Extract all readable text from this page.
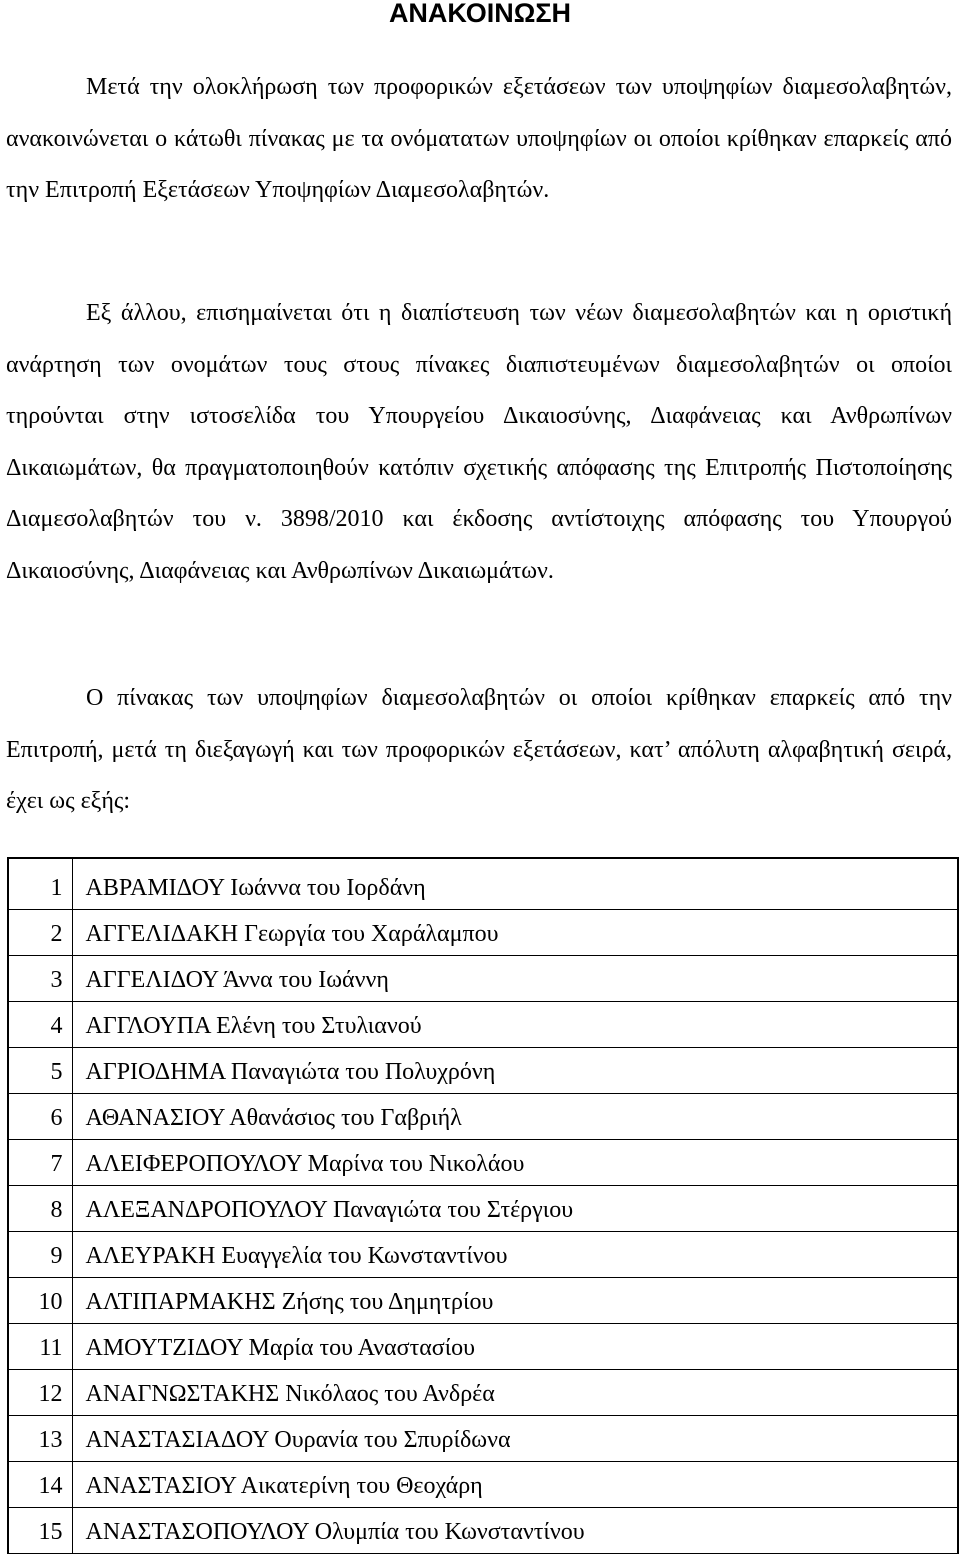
ΑΝΑΚΟΙΝΩΣΗ

Μετά την ολοκλήρωση των προφορικών εξετάσεων των υποψηφίων διαμεσολαβητών, ανακοινώνεται ο κάτωθι πίνακας με τα ονόματατων υποψηφίων οι οποίοι κρίθηκαν επαρκείς από την Επιτροπή Εξετάσεων Υποψηφίων Διαμεσολαβητών.

Εξ άλλου, επισημαίνεται ότι η διαπίστευση των νέων διαμεσολαβητών και η οριστική ανάρτηση των ονομάτων τους στους πίνακες διαπιστευμένων διαμεσολαβητών οι οποίοι τηρούνται στην ιστοσελίδα του Υπουργείου Δικαιοσύνης, Διαφάνειας και Ανθρωπίνων Δικαιωμάτων, θα πραγματοποιηθούν κατόπιν σχετικής απόφασης της Επιτροπής Πιστοποίησης Διαμεσολαβητών του ν. 3898/2010 και έκδοσης αντίστοιχης απόφασης του Υπουργού Δικαιοσύνης, Διαφάνειας και Ανθρωπίνων Δικαιωμάτων.

Ο πίνακας των υποψηφίων διαμεσολαβητών οι οποίοι κρίθηκαν επαρκείς από την Επιτροπή, μετά τη διεξαγωγή και των προφορικών εξετάσεων, κατ’ απόλυτη αλφαβητική σειρά, έχει ως εξής:

1	ΑΒΡΑΜΙΔΟΥ Ιωάννα του Ιορδάνη
2	ΑΓΓΕΛΙΔΑΚΗ Γεωργία του Χαράλαμπου
3	ΑΓΓΕΛΙΔΟΥ Άννα του Ιωάννη
4	ΑΓΓΛΟΥΠΑ Ελένη του Στυλιανού
5	ΑΓΡΙΟΔΗΜΑ Παναγιώτα του Πολυχρόνη
6	ΑΘΑΝΑΣΙΟΥ Αθανάσιος του Γαβριήλ
7	ΑΛΕΙΦΕΡΟΠΟΥΛΟΥ Μαρίνα του Νικολάου
8	ΑΛΕΞΑΝΔΡΟΠΟΥΛΟΥ Παναγιώτα του Στέργιου
9	ΑΛΕΥΡΑΚΗ Ευαγγελία του Κωνσταντίνου
10	ΑΛΤΙΠΑΡΜΑΚΗΣ Ζήσης του Δημητρίου
11	ΑΜΟΥΤΖΙΔΟΥ Μαρία του Αναστασίου
12	ΑΝΑΓΝΩΣΤΑΚΗΣ Νικόλαος του Ανδρέα
13	ΑΝΑΣΤΑΣΙΑΔΟΥ Ουρανία του Σπυρίδωνα
14	ΑΝΑΣΤΑΣΙΟΥ Αικατερίνη του Θεοχάρη
15	ΑΝΑΣΤΑΣΟΠΟΥΛΟΥ Ολυμπία του Κωνσταντίνου
